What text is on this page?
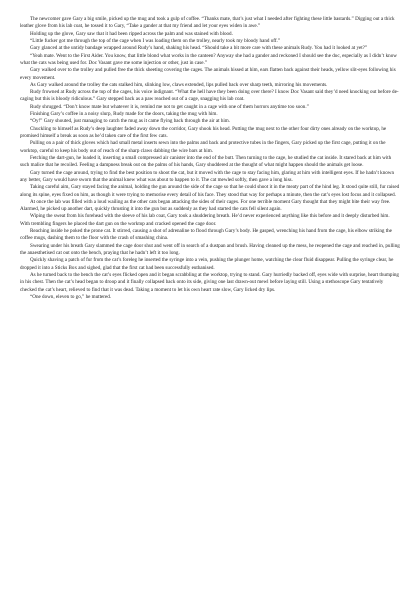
The newcomer gave Gary a big smile, picked up the mug and took a gulp of coffee. “Thanks mate, that’s just what I needed after fighting these little bastards.” Digging out a thick leather glove from his lab coat, he tossed it to Gary, “Take a gander at that my friend and let your eyes widen in awe.”

Holding up the glove, Gary saw that it had been ripped across the palm and was stained with blood.

“Little fucker got me through the top of the cage when I was loading them on the trolley, nearly took my bloody hand off.”

Gary glanced at the untidy bandage wrapped around Rudy’s hand, shaking his head. “Should take a bit more care with these animals Rudy. You had it looked at yet?”

“Yeah mate. Went to the First Aider. You know, that little blond what works in the canteen? Anyway she had a gander and reckoned I should see the doc, especially as I didn’t know what the cats was being used for. Doc Vasant gave me some injection or other, just in case.”

Gary walked over to the trolley and pulled free the thick sheeting covering the cages. The animals hissed at him, ears flatten back against their heads, yellow slit-eyes following his every movement.

As Gary walked around the trolley the cats stalked him, slinking low, claws extended, lips pulled back over sharp teeth, mirroring his movements.

Rudy frowned at Rudy across the top of the cages, his voice indignant. “What the hell have they been doing over there? I know Doc Vasant said they’d need knocking out before de-caging but this is bloody ridiculous.” Gary stepped back as a paw reached out of a cage, snagging his lab coat.

Rudy shrugged. “Don’t know mate but whatever it is, remind me not to get caught in a cage with one of them horrors anytime too soon.”

Finishing Gary’s coffee in a noisy slurp, Rudy made for the doors, taking the mug with him.

“Oy!” Gary shouted, just managing to catch the mug as it came flying back through the air at him.

Chuckling to himself as Rudy’s deep laughter faded away down the corridor, Gary shook his head. Putting the mug next to the other four dirty ones already on the worktop, he promised himself a break as soon as he’d taken care of the first few cats.

Pulling on a pair of thick gloves which had small metal inserts sewn into the palms and back and protective tubes in the fingers, Gary picked up the first cage, putting it on the worktop, careful to keep his body out of reach of the sharp claws dabbing the wire bars at him.

Fetching the dart-gun, he loaded it, inserting a small compressed air canister into the end of the butt. Then turning to the cage, he studied the cat inside. It stared back at him with such malice that he recoiled. Feeling a dampness break out on the palms of his hands, Gary shuddered at the thought of what might happen should the animals get loose.

Gary turned the cage around, trying to find the best position to shoot the cat, but it moved with the cage to stay facing him, glaring at him with intelligent eyes. If he hadn’t known any better, Gary would have sworn that the animal knew what was about to happen to it. The cat mewled softly, then gave a long hiss.

Taking careful aim, Gary stayed facing the animal, holding the gun around the side of the cage so that he could shoot it in the meaty part of the hind leg. It stood quite still, fur raised along its spine, eyes fixed on him, as though it were trying to memorise every detail of his face. They stood that way for perhaps a minute, then the cat’s eyes lost focus and it collapsed.

At once the lab was filled with a loud wailing as the other cats began attacking the sides of their cages. For one terrible moment Gary thought that they might bite their way free. Alarmed, he picked up another dart, quickly thrusting it into the gun but as suddenly as they had started the cats fell silent again.

Wiping the sweat from his forehead with the sleeve of his lab coat, Gary took a shuddering breath. He’d never experienced anything like this before and it deeply disturbed him. With trembling fingers he placed the dart gun on the worktop and cracked opened the cage door.

Reaching inside he poked the prone cat. It stirred, causing a shot of adrenaline to flood through Gary’s body. He gasped, wrenching his hand from the cage, his elbow striking the coffee mugs, dashing them to the floor with the crash of smashing china.

Swearing under his breath Gary slammed the cage door shut and went off in search of a dustpan and brush. Having cleaned up the mess, he reopened the cage and reached in, pulling the anaesthetised cat out onto the bench, praying that he hadn’t left it too long.

Quickly shaving a patch of fur from the cat’s foreleg he inserted the syringe into a vein, pushing the plunger home, watching the clear fluid disappear. Pulling the syringe clear, he dropped it into a Sticks Box and sighed, glad that the first cat had been successfully euthanised.

As he turned back to the bench the cat’s eyes flicked open and it began scrabbling at the worktop, trying to stand. Gary hurriedly backed off, eyes wide with surprise, heart thumping in his chest. Then the cat’s head began to droop and it finally collapsed back onto its side, giving one last drawn-out mewl before laying still. Using a stethoscope Gary tentatively checked the cat’s heart, relieved to find that it was dead. Taking a moment to let his own heart rate slow, Gary licked dry lips.

“One down, eleven to go,” he muttered.
